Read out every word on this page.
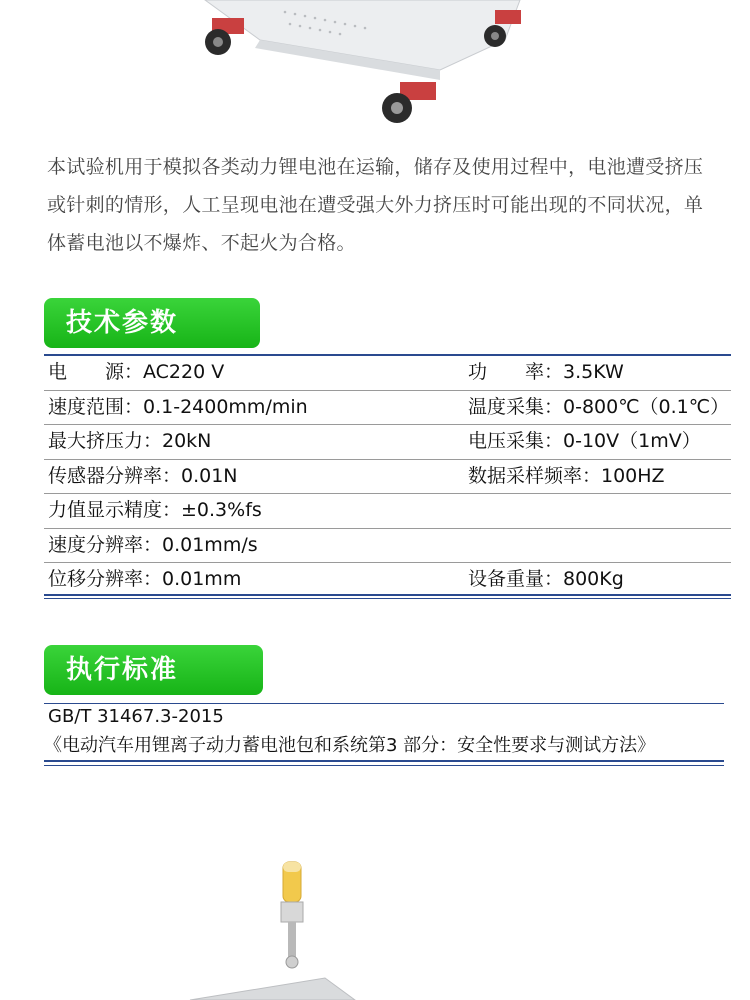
本试验机用于模拟各类动力锂电池在运输，储存及使用过程中，电池遭受挤压或针刺的情形，人工呈现电池在遭受强大外力挤压时可能出现的不同状况，单体蓄电池以不爆炸、不起火为合格。
技术参数
电　　源：AC220 V	功　　率：3.5KW
速度范围：0.1-2400mm/min	温度采集：0-800℃（0.1℃）
最大挤压力：20kN	电压采集：0-10V（1mV）
传感器分辨率：0.01N	数据采样频率：100HZ
力值显示精度：±0.3%fs
速度分辨率：0.01mm/s
位移分辨率：0.01mm	设备重量：800Kg
执行标准
GB/T 31467.3-2015
《电动汽车用锂离子动力蓄电池包和系统第3 部分：安全性要求与测试方法》
